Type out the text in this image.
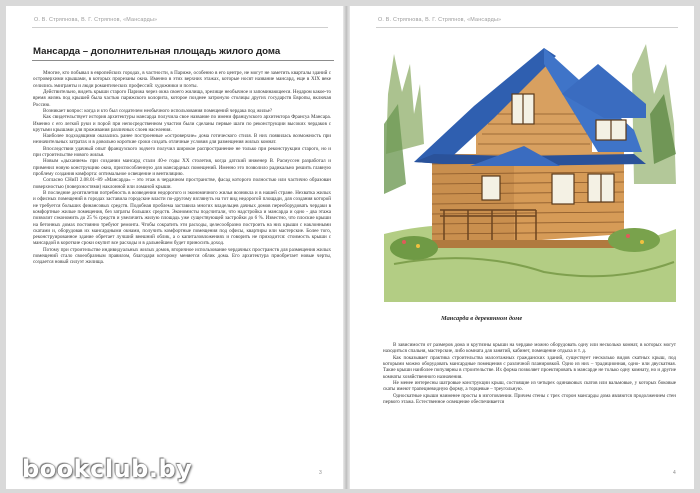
О. В. Стряпнова, В. Г. Стряпнов, «Мансарды»
Мансарда – дополнительная площадь жилого дома

Многие, кто побывал в европейских городах, в частности, в Париже, особенно в его центре, не могут не заметить кварталы зданий с островерхими крышами, в которых прорезаны окна. Именно в этих верхних этажах, которые носят название мансард, еще в XIX веке селились эмигранты и люди романтических профессий: художники и поэты.

Действительно, видеть крыши старого Парижа через окна своего жилища, зрелище необычное и запоминающееся. Недаром какое-то время жизнь под крышей была частью парижского колорита, которое позднее затронуло столицы других государств Европы, включая Россию.

Возникает вопрос: когда и кто был создателем необычного использования помещений чердака под жилье?

Как свидетельствует история архитектуры мансарда получила свое название по имени французского архитектора Франсуа Мансара. Именно с его легкой руки и порой при непосредственном участии были сделаны первые шаги по реконструкции высоких чердаков с крутыми крышами для проживания различных слоев населения.

Наиболее подходящими оказались ранее построенные «островерхие» дома готического стиля. В них появилась возможность при незначительных затратах и в довольно короткие сроки создать отличные условия для размещения жилых комнат.

Впоследствии удачный опыт французского зодчего получил широкое распространение не только при реконструкции старого, но и при строительстве нового жилья.

Новым «дыханием» при создании мансард стали 40-е годы XX столетия, когда датский инженер В. Расмуссен разработал и применил новую конструкцию окна, приспособленную для мансардных помещений. Именно это позволило радикально решить главную проблему создания комфорта: оптимальное освещение и вентиляцию.

Согласно СНиП 2.08.01–89 «Мансарда» – это этаж в чердачном пространстве, фасад которого полностью или частично образован поверхностью (поверхностями) наклонной или ломаной крыши.

В последние десятилетия потребность в возведении недорогого и экономичного жилья возникла и в нашей стране. Нехватка жилых и офисных помещений в городах заставила городские власти по-другому взглянуть на тот вид недорогой площади, для создания которой не требуется больших финансовых средств. Подобная проблема заставила многих владельцев дачных домов переоборудовать чердаки в комфортные жилые помещения, без затраты больших средств. Экономисты подсчитали, что надстройка и мансарда и одно - два этажа позволит сэкономить до 25 % средств и увеличить жилую площадь уже существующей застройки до 6 %. Известно, что плоские крыши на бетонных домах постоянно требуют ремонта. Чтобы сократить эти расходы, целесообразно построить на них крыши с наклонными скатами и, оборудовав их мансардными окнами, получить комфортные помещения под офисы, квартиры или мастерские. Более того, реконструированное здание обретает лучший внешний облик, а о капиталовложениях и говорить не приходится: стоимость крыши с мансардой в короткие сроки окупит все расходы и в дальнейшем будет приносить доход.

Потому при строительстве индивидуальных жилых домов, вторичное использование чердачных пространств для размещения жилых помещений стало своеобразным правилом, благодаря которому меняется облик дома. Его архитектура приобретает новые черты, создается новый силуэт жилища.

3
О. В. Стряпнова, В. Г. Стряпнов, «Мансарды»
Мансарда в деревянном доме

В зависимости от размеров дома и крутизны крыши на чердаке можно оборудовать одну или несколько комнат, в которых могут находиться спальня, мастерские, либо комната для занятий, кабинет, помещение отдыха и т. д.

Как показывает практика строительства малоэтажных гражданских зданий, существует несколько видов скатных крыш, под которыми можно оборудовать мансардные помещения с различной планировкой. Одно из них – традиционная, одно- или двускатная. Такие крыши наиболее популярны в строительстве. Их форма позволяет проектировать в мансарде не только одну комнату, но и другие комнаты хозяйственного назначения.

Не менее интересны шатровые конструкции крыш, состоящие из четырех одинаковых скатов или вальмовые, у которых боковые скаты имеют трапециевидную форму, а торцевые – треугольную.

Односкатные крыши наименее просты в изготовлении. Причем стены с трех сторон мансарды дома являются продолжением стен первого этажа. Естественное освещение обеспечивается

4
bookclub.by
